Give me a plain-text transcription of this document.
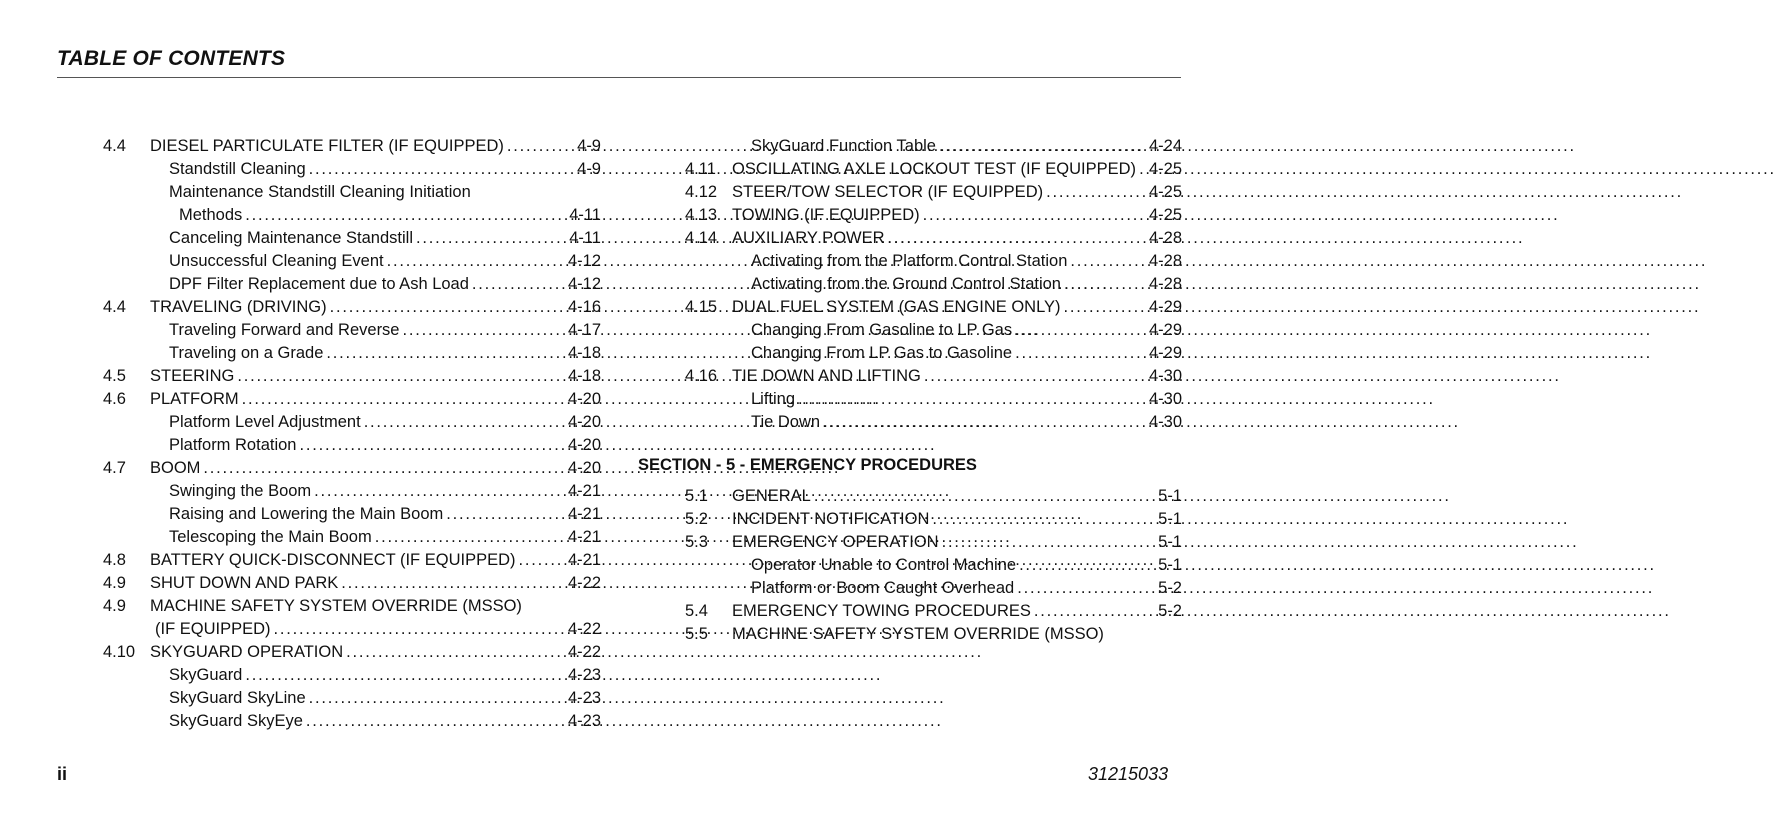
TABLE OF CONTENTS
4.4 DIESEL PARTICULATE FILTER (IF EQUIPPED) . . .	4-9
Standstill Cleaning . . .	4-9
Maintenance Standstill Cleaning Initiation
Methods . . .	4-11
Canceling Maintenance Standstill . . .	4-11
Unsuccessful Cleaning Event . . .	4-12
DPF Filter Replacement due to Ash Load . . .	4-12
4.4 TRAVELING (DRIVING) . . .	4-16
Traveling Forward and Reverse . . .	4-17
Traveling on a Grade . . .	4-18
4.5 STEERING . . .	4-18
4.6 PLATFORM . . .	4-20
Platform Level Adjustment . . .	4-20
Platform Rotation . . .	4-20
4.7 BOOM . . .	4-20
Swinging the Boom . . .	4-21
Raising and Lowering the Main Boom . . .	4-21
Telescoping the Main Boom . . .	4-21
4.8 BATTERY QUICK-DISCONNECT (IF EQUIPPED) . . .	4-21
4.9 SHUT DOWN AND PARK . . .	4-22
4.9 MACHINE SAFETY SYSTEM OVERRIDE (MSSO)
(IF EQUIPPED) . . .	4-22
4.10 SKYGUARD OPERATION . . .	4-22
SkyGuard . . .	4-23
SkyGuard SkyLine . . .	4-23
SkyGuard SkyEye . . .	4-23
SkyGuard Function Table . . .	4-24
4.11 OSCILLATING AXLE LOCKOUT TEST (IF EQUIPPED) . . . 4-25
4.12 STEER/TOW SELECTOR (IF EQUIPPED) . . .	4-25
4.13 TOWING (IF EQUIPPED) . . .	4-25
4.14 AUXILIARY POWER . . .	4-28
Activating from the Platform Control Station . . .	4-28
Activating from the Ground Control Station . . .	4-28
4.15 DUAL FUEL SYSTEM (GAS ENGINE ONLY) . . .	4-29
Changing From Gasoline to LP Gas . . .	4-29
Changing From LP Gas to Gasoline . . .	4-29
4.16 TIE DOWN AND LIFTING . . .	4-30
Lifting . . .	4-30
Tie Down . . .	4-30
SECTION - 5 - EMERGENCY PROCEDURES
5.1 GENERAL . . .	5-1
5.2 INCIDENT NOTIFICATION . . .	5-1
5.3 EMERGENCY OPERATION . . .	5-1
Operator Unable to Control Machine . . .	5-1
Platform or Boom Caught Overhead . . .	5-2
5.4 EMERGENCY TOWING PROCEDURES . . .	5-2
5.5 MACHINE SAFETY SYSTEM OVERRIDE (MSSO)
ii	31215033
